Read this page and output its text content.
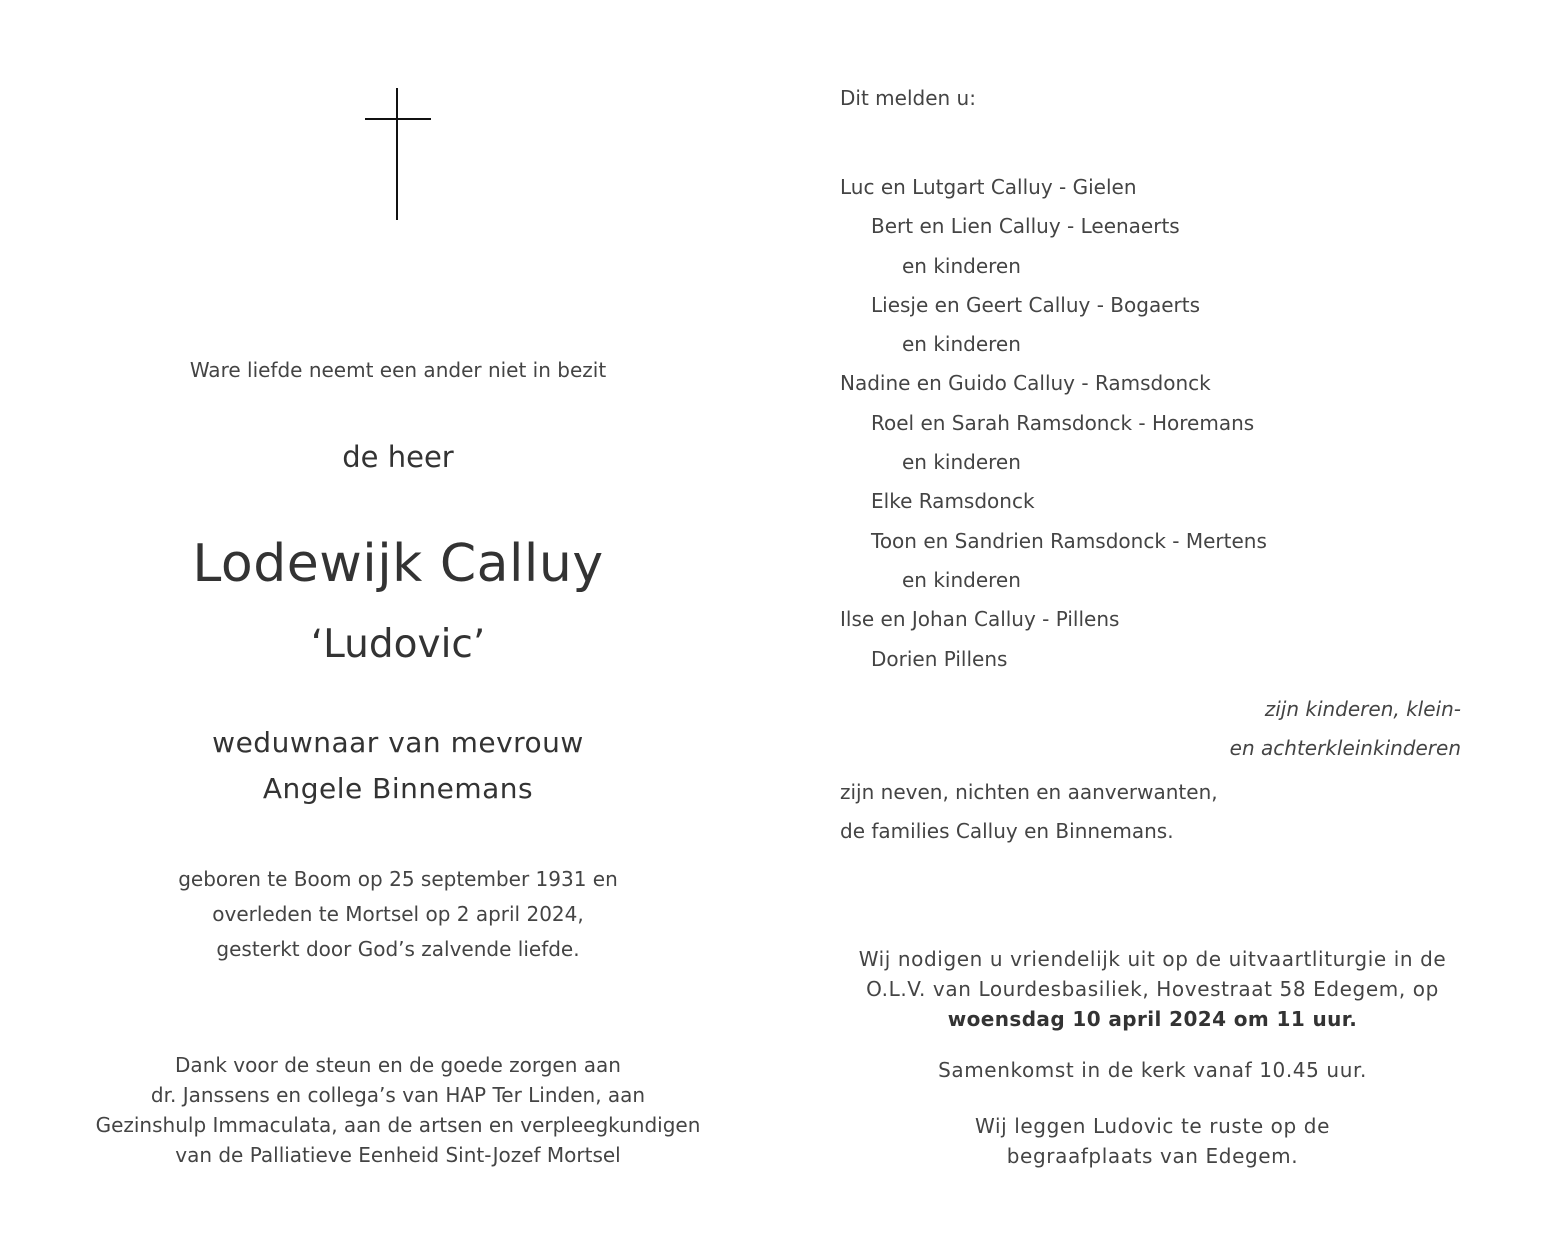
Ware liefde neemt een ander niet in bezit
de heer
Lodewijk Calluy
‘Ludovic’
weduwnaar van mevrouw
Angele Binnemans
geboren te Boom op 25 september 1931 en
overleden te Mortsel op 2 april 2024,
gesterkt door God’s zalvende liefde.
Dank voor de steun en de goede zorgen aan
dr. Janssens en collega’s van HAP Ter Linden, aan
Gezinshulp Immaculata, aan de artsen en verpleegkundigen
van de Palliatieve Eenheid Sint-Jozef Mortsel
Dit melden u:
Luc en Lutgart Calluy - Gielen
Bert en Lien Calluy - Leenaerts
en kinderen
Liesje en Geert Calluy - Bogaerts
en kinderen
Nadine en Guido Calluy - Ramsdonck
Roel en Sarah Ramsdonck - Horemans
en kinderen
Elke Ramsdonck
Toon en Sandrien Ramsdonck - Mertens
en kinderen
Ilse en Johan Calluy - Pillens
Dorien Pillens
zijn kinderen, klein-
en achterkleinkinderen
zijn neven, nichten en aanverwanten,
de families Calluy en Binnemans.
Wij nodigen u vriendelijk uit op de uitvaartliturgie in de
O.L.V. van Lourdesbasiliek, Hovestraat 58 Edegem, op
woensdag 10 april 2024 om 11 uur.
Samenkomst in de kerk vanaf 10.45 uur.
Wij leggen Ludovic te ruste op de
begraafplaats van Edegem.
